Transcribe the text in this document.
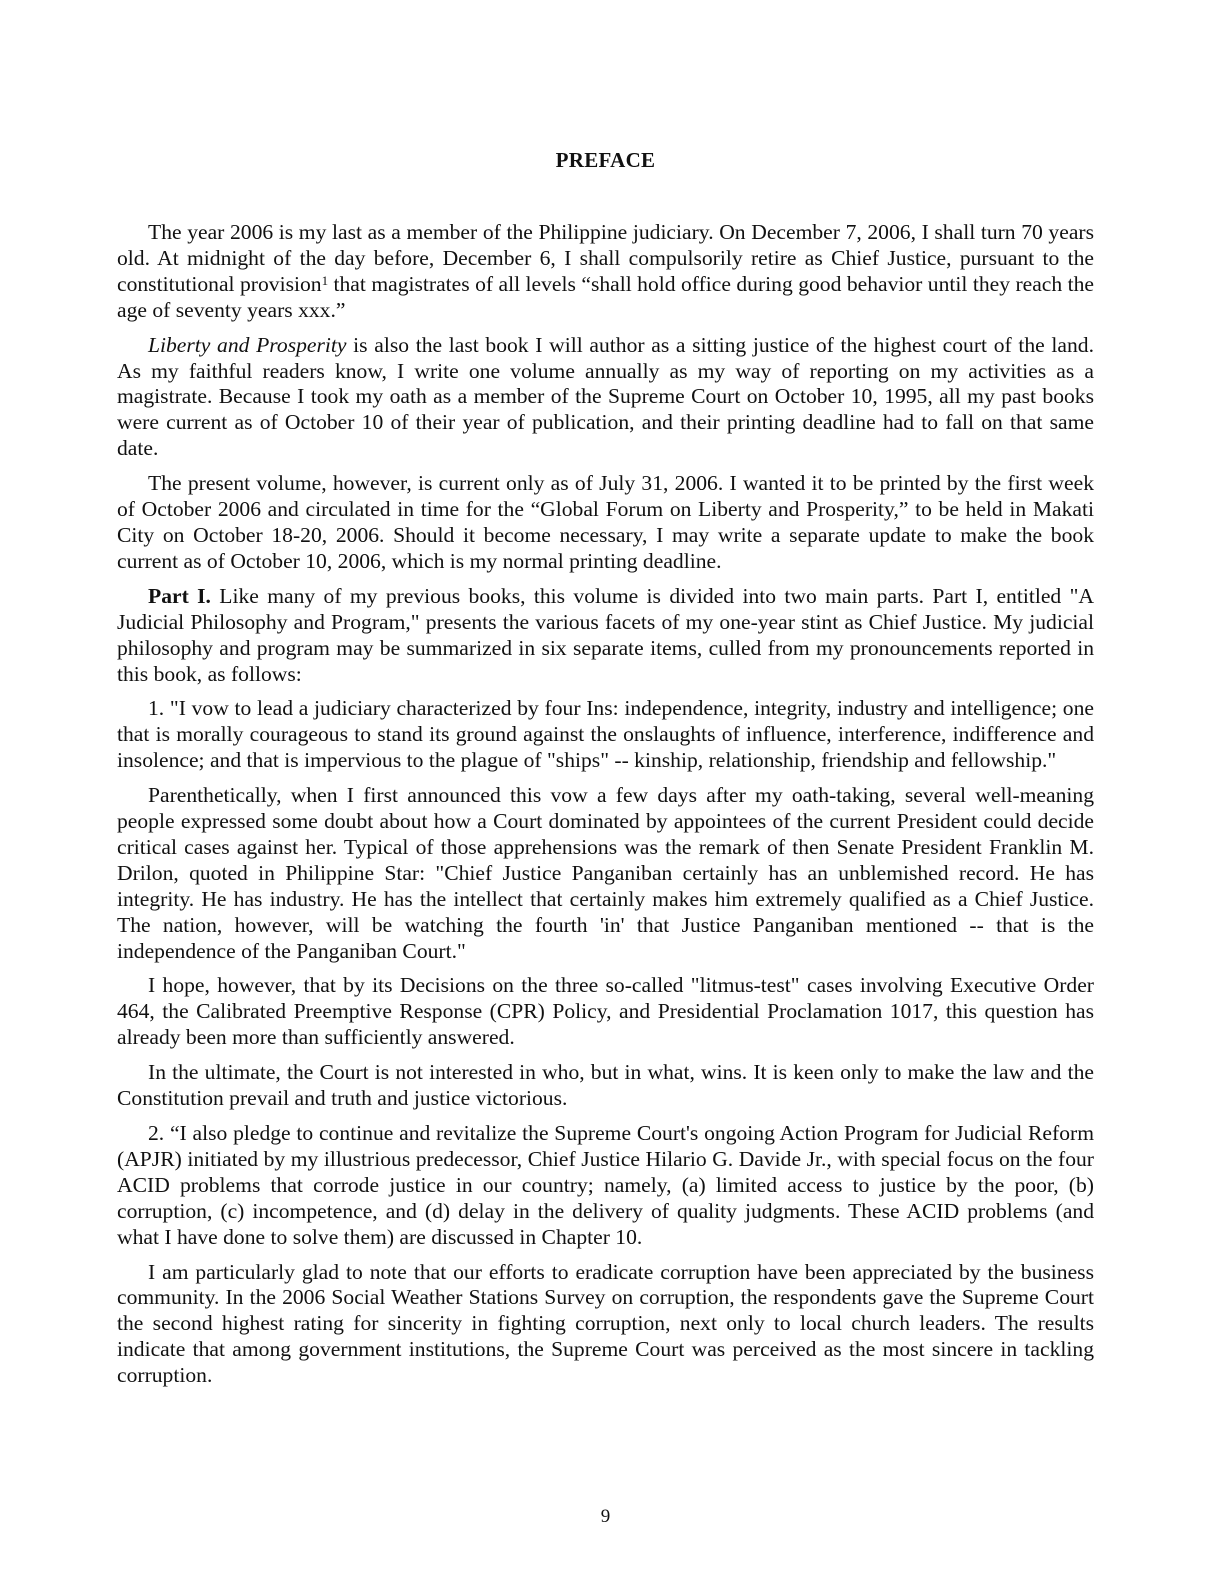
PREFACE

The year 2006 is my last as a member of the Philippine judiciary. On December 7, 2006, I shall turn 70 years old. At midnight of the day before, December 6, I shall compulsorily retire as Chief Justice, pursuant to the constitutional provision$^1$ that magistrates of all levels “shall hold office during good behavior until they reach the age of seventy years xxx.”

Liberty and Prosperity is also the last book I will author as a sitting justice of the highest court of the land. As my faithful readers know, I write one volume annually as my way of reporting on my activities as a magistrate. Because I took my oath as a member of the Supreme Court on October 10, 1995, all my past books were current as of October 10 of their year of publication, and their printing deadline had to fall on that same date.

The present volume, however, is current only as of July 31, 2006. I wanted it to be printed by the first week of October 2006 and circulated in time for the “Global Forum on Liberty and Prosperity,” to be held in Makati City on October 18-20, 2006. Should it become necessary, I may write a separate update to make the book current as of October 10, 2006, which is my normal printing deadline.

Part I. Like many of my previous books, this volume is divided into two main parts. Part I, entitled "A Judicial Philosophy and Program," presents the various facets of my one-year stint as Chief Justice. My judicial philosophy and program may be summarized in six separate items, culled from my pronouncements reported in this book, as follows:

1. "I vow to lead a judiciary characterized by four Ins: independence, integrity, industry and intelligence; one that is morally courageous to stand its ground against the onslaughts of influence, interference, indifference and insolence; and that is impervious to the plague of "ships" -- kinship, relationship, friendship and fellowship."

Parenthetically, when I first announced this vow a few days after my oath-taking, several well-meaning people expressed some doubt about how a Court dominated by appointees of the current President could decide critical cases against her. Typical of those apprehensions was the remark of then Senate President Franklin M. Drilon, quoted in Philippine Star: "Chief Justice Panganiban certainly has an unblemished record. He has integrity. He has industry. He has the intellect that certainly makes him extremely qualified as a Chief Justice. The nation, however, will be watching the fourth 'in' that Justice Panganiban mentioned -- that is the independence of the Panganiban Court."

I hope, however, that by its Decisions on the three so-called "litmus-test" cases involving Executive Order 464, the Calibrated Preemptive Response (CPR) Policy, and Presidential Proclamation 1017, this question has already been more than sufficiently answered.

In the ultimate, the Court is not interested in who, but in what, wins. It is keen only to make the law and the Constitution prevail and truth and justice victorious.

2. “I also pledge to continue and revitalize the Supreme Court's ongoing Action Program for Judicial Reform (APJR) initiated by my illustrious predecessor, Chief Justice Hilario G. Davide Jr., with special focus on the four ACID problems that corrode justice in our country; namely, (a) limited access to justice by the poor, (b) corruption, (c) incompetence, and (d) delay in the delivery of quality judgments. These ACID problems (and what I have done to solve them) are discussed in Chapter 10.

I am particularly glad to note that our efforts to eradicate corruption have been appreciated by the business community. In the 2006 Social Weather Stations Survey on corruption, the respondents gave the Supreme Court the second highest rating for sincerity in fighting corruption, next only to local church leaders. The results indicate that among government institutions, the Supreme Court was perceived as the most sincere in tackling corruption.

9
